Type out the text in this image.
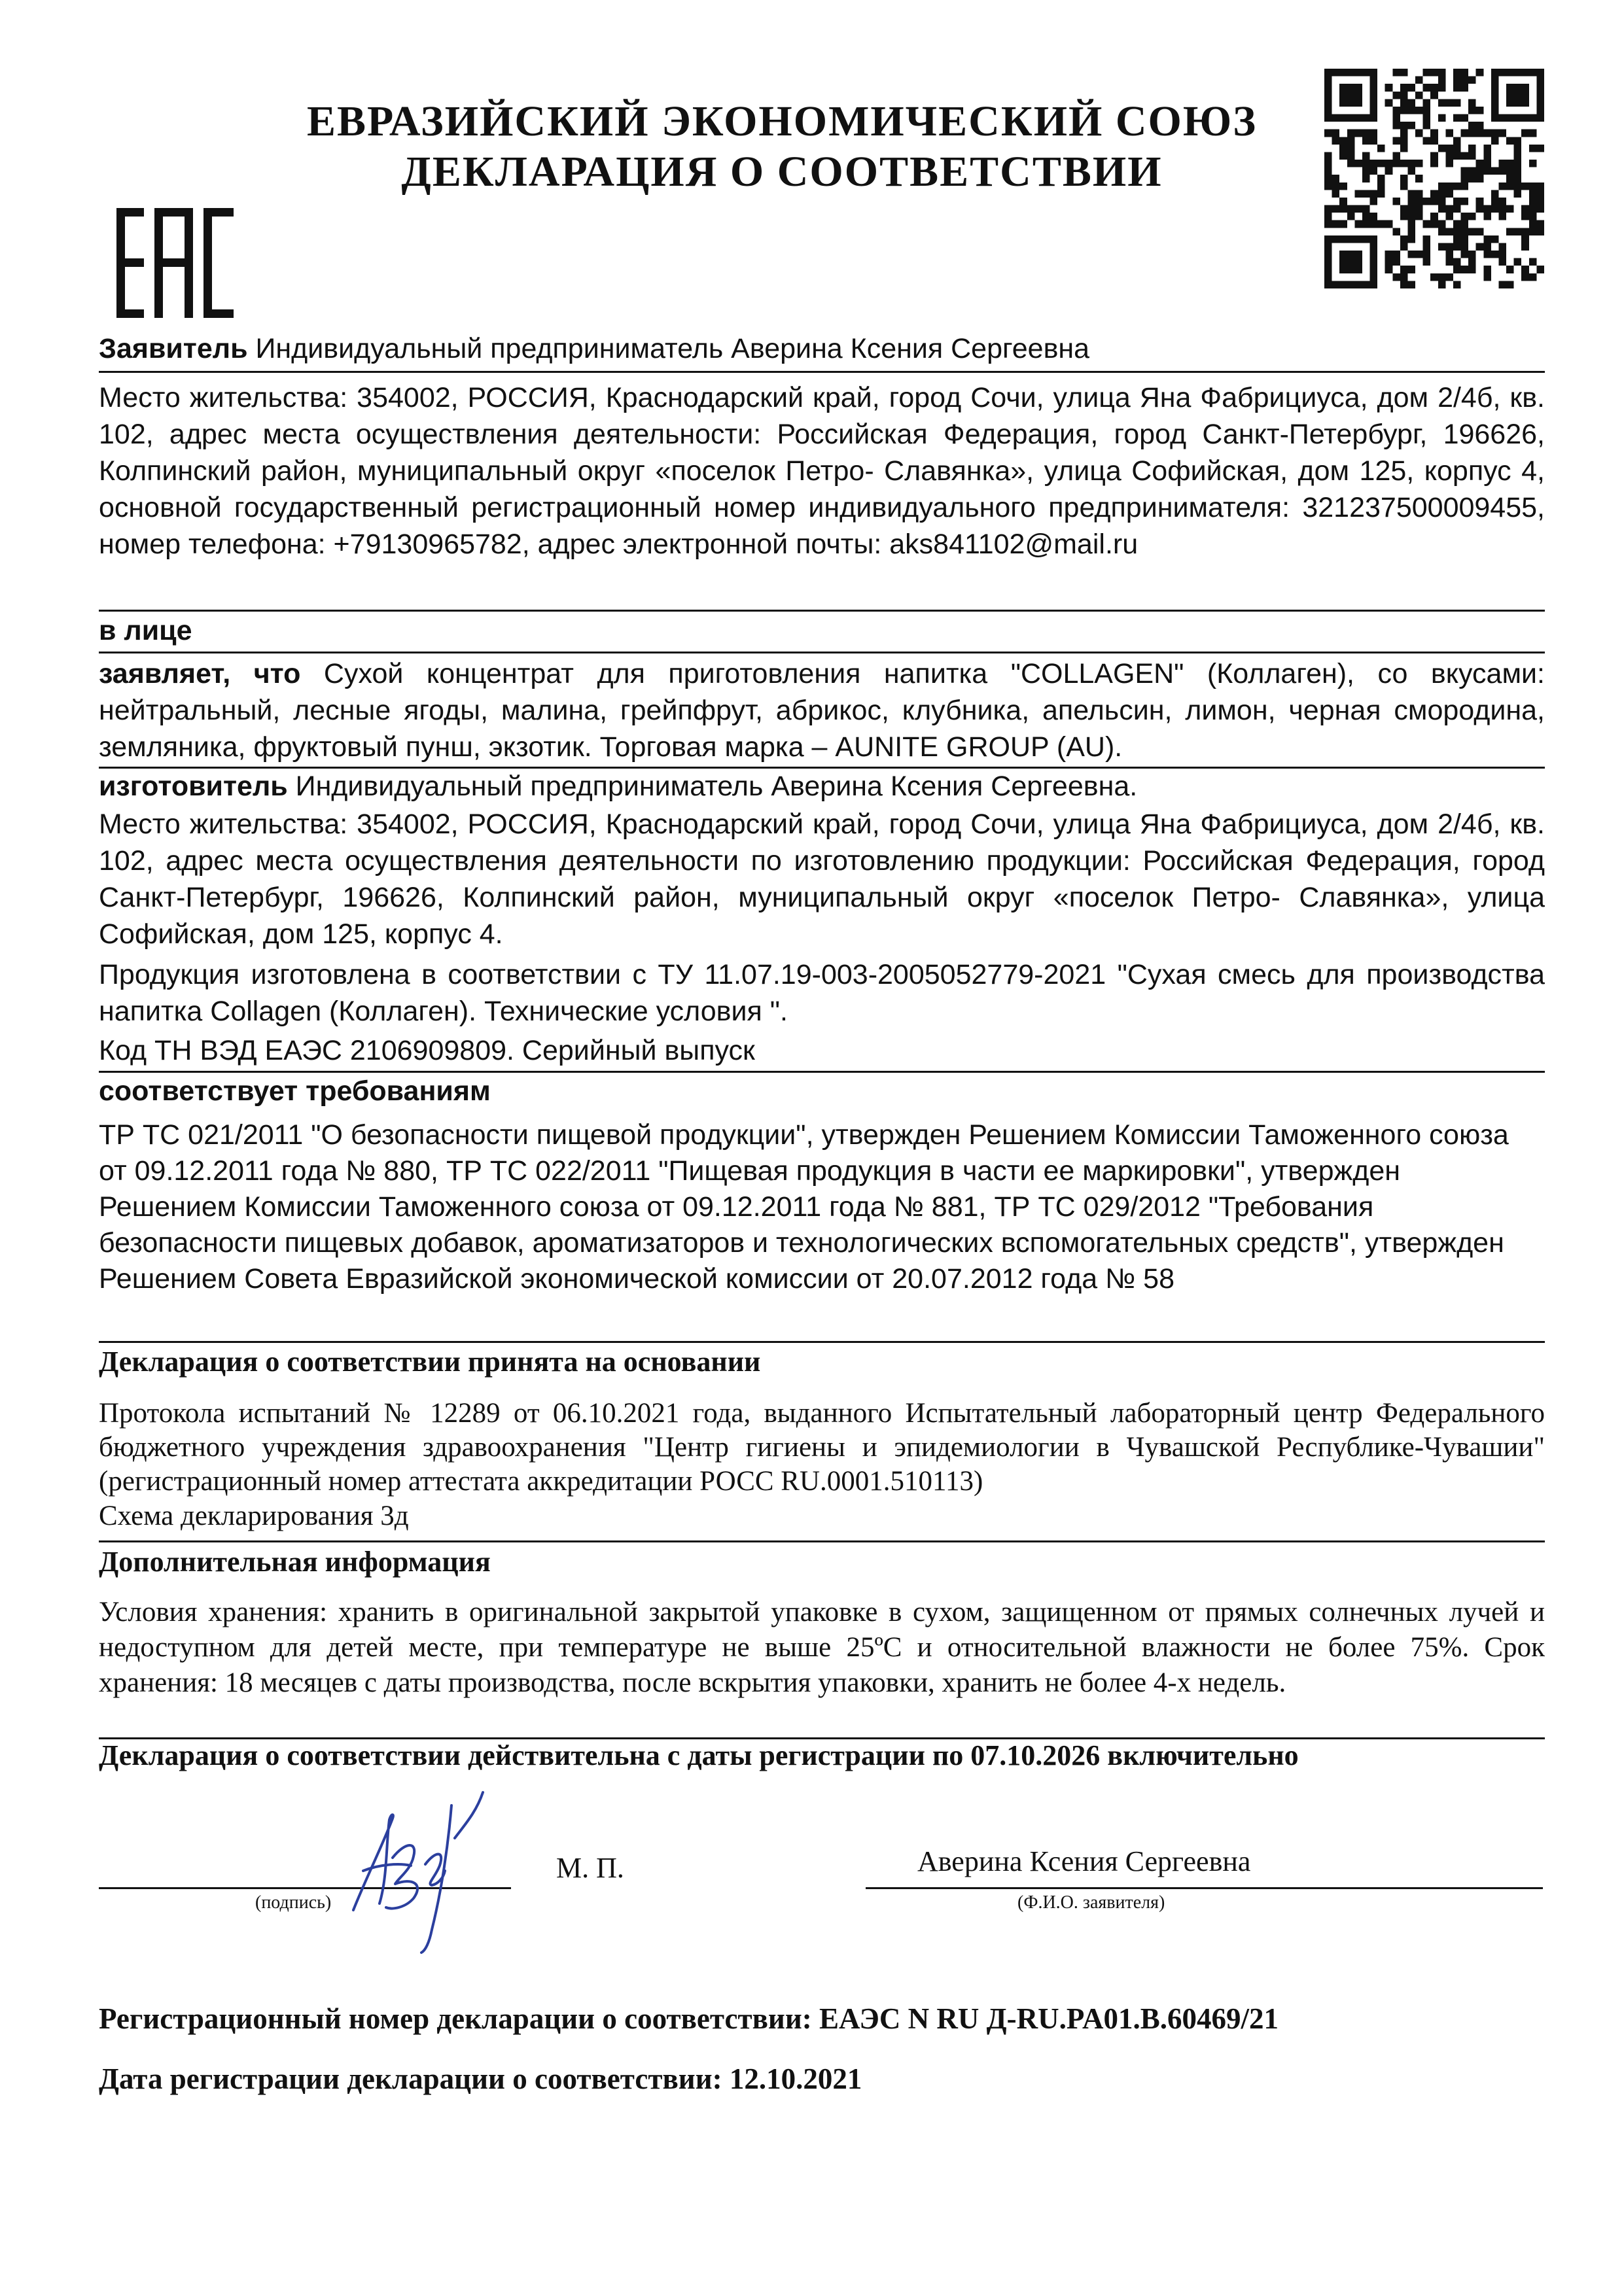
ЕВРАЗИЙСКИЙ ЭКОНОМИЧЕСКИЙ СОЮЗ
ДЕКЛАРАЦИЯ О СООТВЕТСТВИИ
Заявитель Индивидуальный предприниматель Аверина Ксения Сергеевна
Место жительства: 354002, РОССИЯ, Краснодарский край, город Сочи, улица Яна Фабрициуса, дом 2/4б, кв. 102, адрес места осуществления деятельности: Российская Федерация, город Санкт-Петербург, 196626, Колпинский район, муниципальный округ «поселок Петро- Славянка», улица Софийская, дом 125, корпус 4, основной государственный регистрационный номер индивидуального предпринимателя: 321237500009455, номер телефона: +79130965782, адрес электронной почты: aks841102@mail.ru
в лице
заявляет, что Сухой концентрат для приготовления напитка "COLLAGEN" (Коллаген), со вкусами: нейтральный, лесные ягоды, малина, грейпфрут, абрикос, клубника, апельсин, лимон, черная смородина, земляника, фруктовый пунш, экзотик. Торговая марка – AUNITE GROUP (AU).
изготовитель Индивидуальный предприниматель Аверина Ксения Сергеевна.
Место жительства: 354002, РОССИЯ, Краснодарский край, город Сочи, улица Яна Фабрициуса, дом 2/4б, кв. 102, адрес места осуществления деятельности по изготовлению продукции: Российская Федерация, город Санкт-Петербург, 196626, Колпинский район, муниципальный округ «поселок Петро- Славянка», улица Софийская, дом 125, корпус 4.
Продукция изготовлена в соответствии с ТУ 11.07.19-003-2005052779-2021 "Сухая смесь для производства напитка Collagen (Коллаген). Технические условия ".
Код ТН ВЭД ЕАЭС 2106909809. Серийный выпуск
соответствует требованиям
ТР ТС 021/2011 "О безопасности пищевой продукции", утвержден Решением Комиссии Таможенного союза от 09.12.2011 года № 880, ТР ТС 022/2011 "Пищевая продукция в части ее маркировки", утвержден Решением Комиссии Таможенного союза от 09.12.2011 года № 881, ТР ТС 029/2012 "Требования безопасности пищевых добавок, ароматизаторов и технологических вспомогательных средств", утвержден Решением Совета Евразийской экономической комиссии от 20.07.2012 года № 58
Декларация о соответствии принята на основании
Протокола испытаний № 12289 от 06.10.2021 года, выданного Испытательный лабораторный центр Федерального бюджетного учреждения здравоохранения "Центр гигиены и эпидемиологии в Чувашской Республике-Чувашии" (регистрационный номер аттестата аккредитации РОСС RU.0001.510113)
Схема декларирования 3д
Дополнительная информация
Условия хранения: хранить в оригинальной закрытой упаковке в сухом, защищенном от прямых солнечных лучей и недоступном для детей месте, при температуре не выше 25ºС и относительной влажности не более 75%. Срок хранения: 18 месяцев с даты производства, после вскрытия упаковки, хранить не более 4-х недель.
Декларация о соответствии действительна с даты регистрации по 07.10.2026 включительно
(подпись)
М. П.	Аверина Ксения Сергеевна
(Ф.И.О. заявителя)
Регистрационный номер декларации о соответствии: ЕАЭС N RU Д-RU.PA01.В.60469/21
Дата регистрации декларации о соответствии: 12.10.2021
